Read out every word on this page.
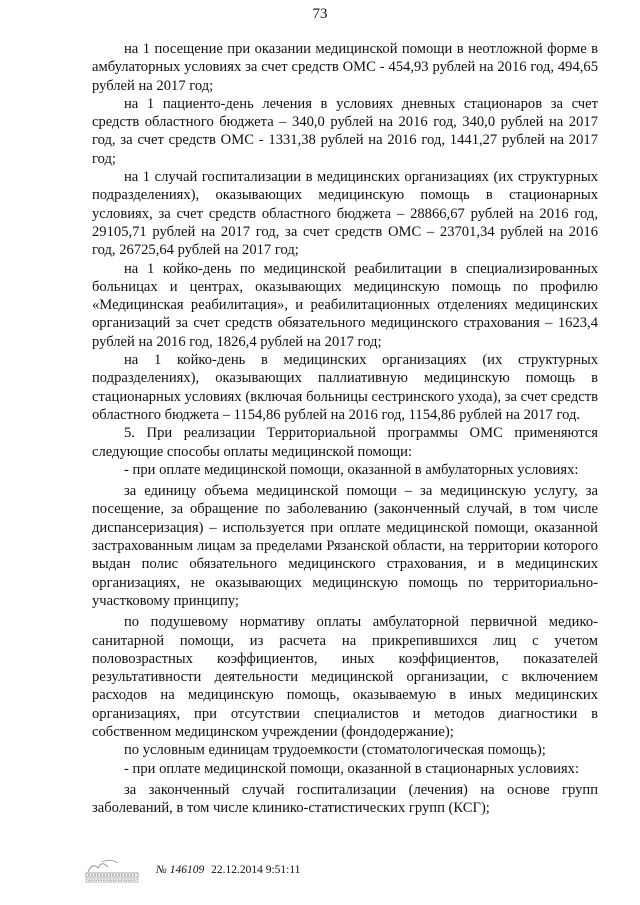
73

на 1 посещение при оказании медицинской помощи в неотложной форме в амбулаторных условиях за счет средств ОМС - 454,93 рублей на 2016 год, 494,65 рублей на 2017 год;

на 1 пациенто-день лечения в условиях дневных стационаров за счет средств областного бюджета – 340,0 рублей на 2016 год, 340,0 рублей на 2017 год, за счет средств ОМС - 1331,38 рублей на 2016 год, 1441,27 рублей на 2017 год;

на 1 случай госпитализации в медицинских организациях (их структурных подразделениях), оказывающих медицинскую помощь в стационарных условиях, за счет средств областного бюджета – 28866,67 рублей на 2016 год, 29105,71 рублей на 2017 год, за счет средств ОМС – 23701,34 рублей на 2016 год, 26725,64 рублей на 2017 год;

на 1 койко-день по медицинской реабилитации в специализированных больницах и центрах, оказывающих медицинскую помощь по профилю «Медицинская реабилитация», и реабилитационных отделениях медицинских организаций за счет средств обязательного медицинского страхования – 1623,4 рублей на 2016 год, 1826,4 рублей на 2017 год;

на 1 койко-день в медицинских организациях (их структурных подразделениях), оказывающих паллиативную медицинскую помощь в стационарных условиях (включая больницы сестринского ухода), за счет средств областного бюджета – 1154,86 рублей на 2016 год, 1154,86 рублей на 2017 год.

5. При реализации Территориальной программы ОМС применяются следующие способы оплаты медицинской помощи:

- при оплате медицинской помощи, оказанной в амбулаторных условиях:

за единицу объема медицинской помощи – за медицинскую услугу, за посещение, за обращение по заболеванию (законченный случай, в том числе диспансеризация) – используется при оплате медицинской помощи, оказанной застрахованным лицам за пределами Рязанской области, на территории которого выдан полис обязательного медицинского страхования, и в медицинских организациях, не оказывающих медицинскую помощь по территориально-участковому принципу;

по подушевому нормативу оплаты амбулаторной первичной медико-санитарной помощи, из расчета на прикрепившихся лиц с учетом половозрастных коэффициентов, иных коэффициентов, показателей результативности деятельности медицинской организации, с включением расходов на медицинскую помощь, оказываемую в иных медицинских организациях, при отсутствии специалистов и методов диагностики в собственном медицинском учреждении (фондодержание);

по условным единицам трудоемкости (стоматологическая помощь);

- при оплате медицинской помощи, оказанной в стационарных условиях:

за законченный случай госпитализации (лечения) на основе групп заболеваний, в том числе клинико-статистических групп (КСГ);

№ 146109 22.12.2014 9:51:11
